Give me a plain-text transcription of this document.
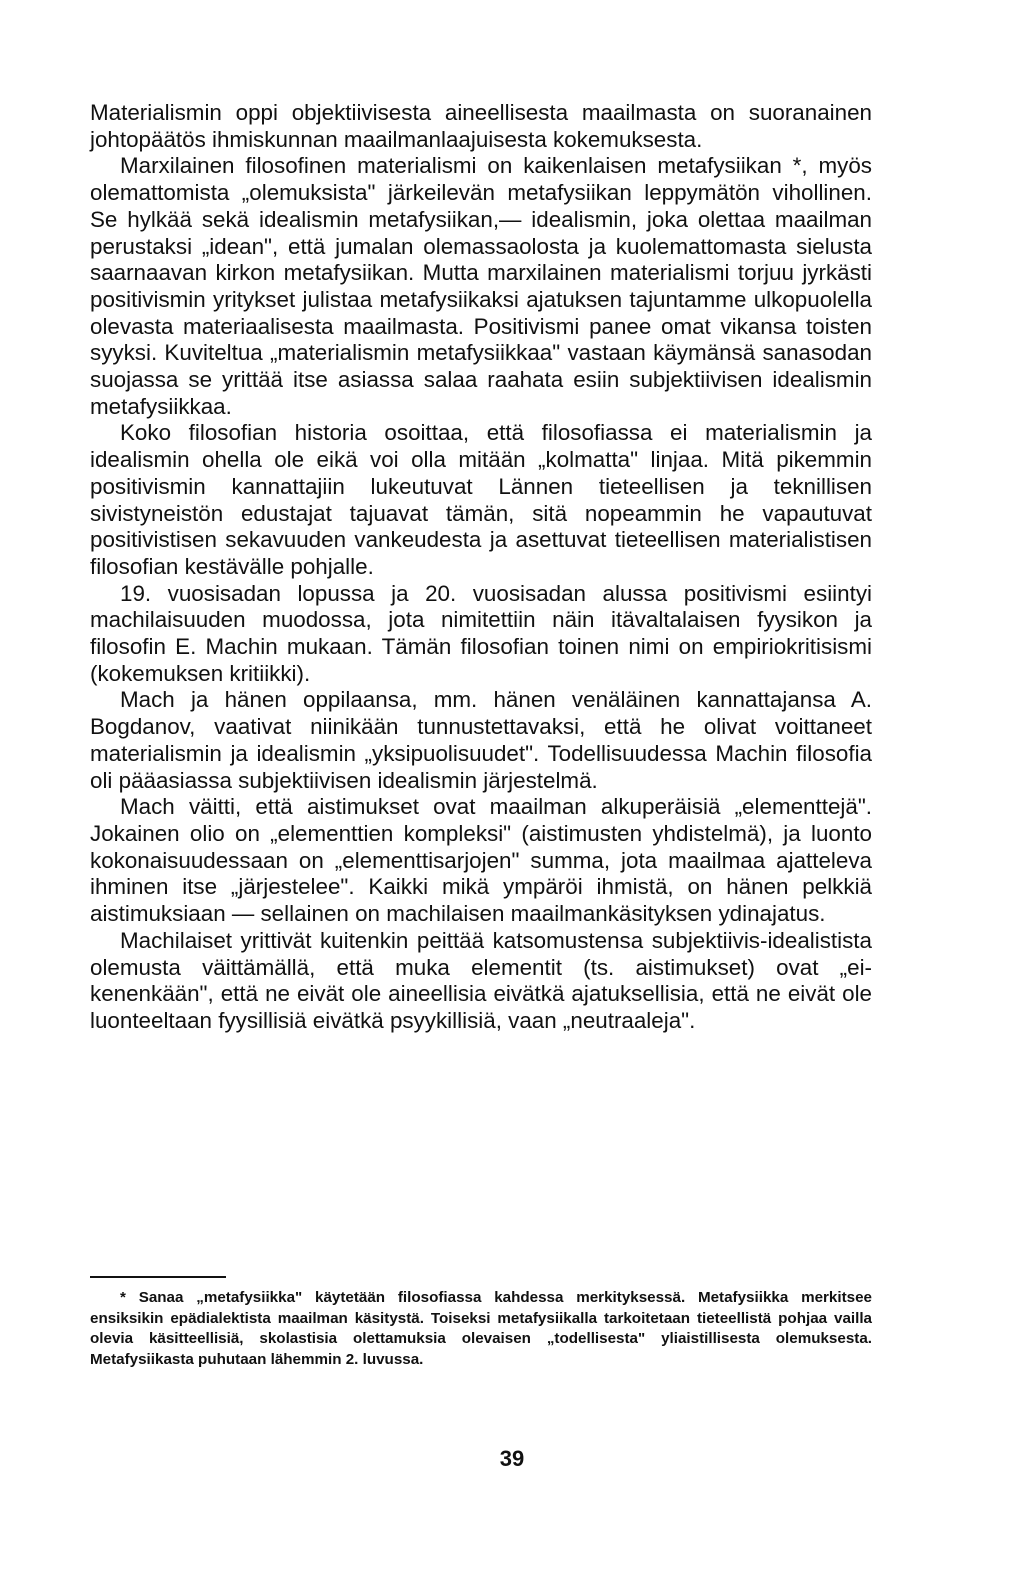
Materialismin oppi objektiivisesta aineellisesta maailmasta on suoranainen johtopäätös ihmiskunnan maailmanlaajuisesta kokemuksesta.

Marxilainen filosofinen materialismi on kaikenlaisen metafysiikan *, myös olemattomista „olemuksista" järkeilevän metafysiikan leppymätön vihollinen. Se hylkää sekä idealismin metafysiikan,— idealismin, joka olettaa maailman perustaksi „idean", että jumalan olemassaolosta ja kuolemattomasta sielusta saarnaavan kirkon metafysiikan. Mutta marxilainen materialismi torjuu jyrkästi positivismin yritykset julistaa metafysiikaksi ajatuksen tajuntamme ulkopuolella olevasta materiaalisesta maailmasta. Positivismi panee omat vikansa toisten syyksi. Kuviteltua „materialismin metafysiikkaa" vastaan käymänsä sanasodan suojassa se yrittää itse asiassa salaa raahata esiin subjektiivisen idealismin metafysiikkaa.

Koko filosofian historia osoittaa, että filosofiassa ei materialismin ja idealismin ohella ole eikä voi olla mitään „kolmatta" linjaa. Mitä pikemmin positivismin kannattajiin lukeutuvat Lännen tieteellisen ja teknillisen sivistyneistön edustajat tajuavat tämän, sitä nopeammin he vapautuvat positivistisen sekavuuden vankeudesta ja asettuvat tieteellisen materialistisen filosofian kestävälle pohjalle.

19. vuosisadan lopussa ja 20. vuosisadan alussa positivismi esiintyi machilaisuuden muodossa, jota nimitettiin näin itävaltalaisen fyysikon ja filosofin E. Machin mukaan. Tämän filosofian toinen nimi on empiriokritisismi (kokemuksen kritiikki).

Mach ja hänen oppilaansa, mm. hänen venäläinen kannattajansa A. Bogdanov, vaativat niinikään tunnustettavaksi, että he olivat voittaneet materialismin ja idealismin „yksipuolisuudet". Todellisuudessa Machin filosofia oli pääasiassa subjektiivisen idealismin järjestelmä.

Mach väitti, että aistimukset ovat maailman alkuperäisiä „elementtejä". Jokainen olio on „elementtien kompleksi" (aistimusten yhdistelmä), ja luonto kokonaisuudessaan on „elementtisarjojen" summa, jota maailmaa ajatteleva ihminen itse „järjestelee". Kaikki mikä ympäröi ihmistä, on hänen pelkkiä aistimuksiaan — sellainen on machilaisen maailmankäsityksen ydinajatus.

Machilaiset yrittivät kuitenkin peittää katsomustensa subjektiivis-idealistista olemusta väittämällä, että muka elementit (ts. aistimukset) ovat „ei-kenenkään", että ne eivät ole aineellisia eivätkä ajatuksellisia, että ne eivät ole luonteeltaan fyysillisiä eivätkä psyykillisiä, vaan „neutraaleja".

* Sanaa „metafysiikka" käytetään filosofiassa kahdessa merkityksessä. Metafysiikka merkitsee ensiksikin epädialektista maailman käsitystä. Toiseksi metafysiikalla tarkoitetaan tieteellistä pohjaa vailla olevia käsitteellisiä, skolastisia olettamuksia olevaisen „todellisesta" yliaistillisesta olemuksesta. Metafysiikasta puhutaan lähemmin 2. luvussa.

39
